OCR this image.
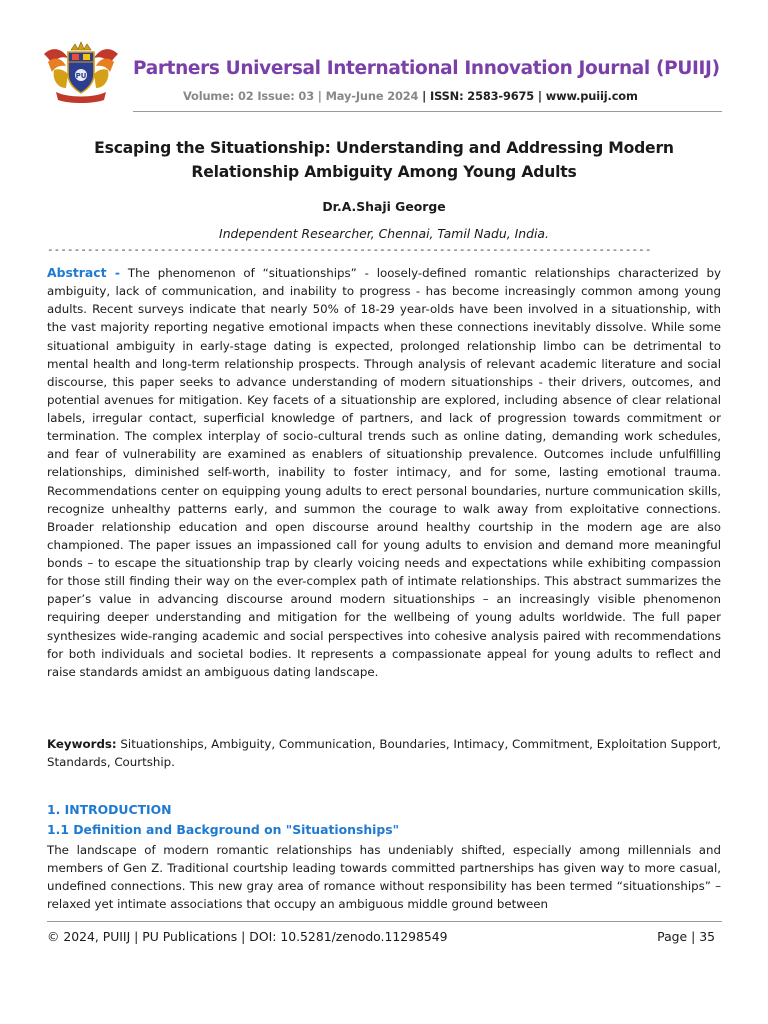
PU	Partners Universal International Innovation Journal (PUIIJ)
Volume: 02 Issue: 03 | May-June 2024 | ISSN: 2583-9675 | www.puiij.com
Escaping the Situationship: Understanding and Addressing Modern Relationship Ambiguity Among Young Adults
Dr.A.Shaji George
Independent Researcher, Chennai, Tamil Nadu, India.
-------------------------------------------------------------------------------------------
Abstract - The phenomenon of “situationships” - loosely-defined romantic relationships characterized by ambiguity, lack of communication, and inability to progress - has become increasingly common among young adults. Recent surveys indicate that nearly 50% of 18-29 year-olds have been involved in a situationship, with the vast majority reporting negative emotional impacts when these connections inevitably dissolve. While some situational ambiguity in early-stage dating is expected, prolonged relationship limbo can be detrimental to mental health and long-term relationship prospects. Through analysis of relevant academic literature and social discourse, this paper seeks to advance understanding of modern situationships - their drivers, outcomes, and potential avenues for mitigation. Key facets of a situationship are explored, including absence of clear relational labels, irregular contact, superficial knowledge of partners, and lack of progression towards commitment or termination. The complex interplay of socio-cultural trends such as online dating, demanding work schedules, and fear of vulnerability are examined as enablers of situationship prevalence. Outcomes include unfulfilling relationships, diminished self-worth, inability to foster intimacy, and for some, lasting emotional trauma. Recommendations center on equipping young adults to erect personal boundaries, nurture communication skills, recognize unhealthy patterns early, and summon the courage to walk away from exploitative connections. Broader relationship education and open discourse around healthy courtship in the modern age are also championed. The paper issues an impassioned call for young adults to envision and demand more meaningful bonds – to escape the situationship trap by clearly voicing needs and expectations while exhibiting compassion for those still finding their way on the ever-complex path of intimate relationships. This abstract summarizes the paper’s value in advancing discourse around modern situationships – an increasingly visible phenomenon requiring deeper understanding and mitigation for the wellbeing of young adults worldwide. The full paper synthesizes wide-ranging academic and social perspectives into cohesive analysis paired with recommendations for both individuals and societal bodies. It represents a compassionate appeal for young adults to reflect and raise standards amidst an ambiguous dating landscape.
Keywords: Situationships, Ambiguity, Communication, Boundaries, Intimacy, Commitment, Exploitation Support, Standards, Courtship.
1. INTRODUCTION
1.1 Definition and Background on "Situationships"
The landscape of modern romantic relationships has undeniably shifted, especially among millennials and members of Gen Z. Traditional courtship leading towards committed partnerships has given way to more casual, undefined connections. This new gray area of romance without responsibility has been termed “situationships” – relaxed yet intimate associations that occupy an ambiguous middle ground between
© 2024, PUIIJ | PU Publications | DOI: 10.5281/zenodo.11298549	Page | 35
